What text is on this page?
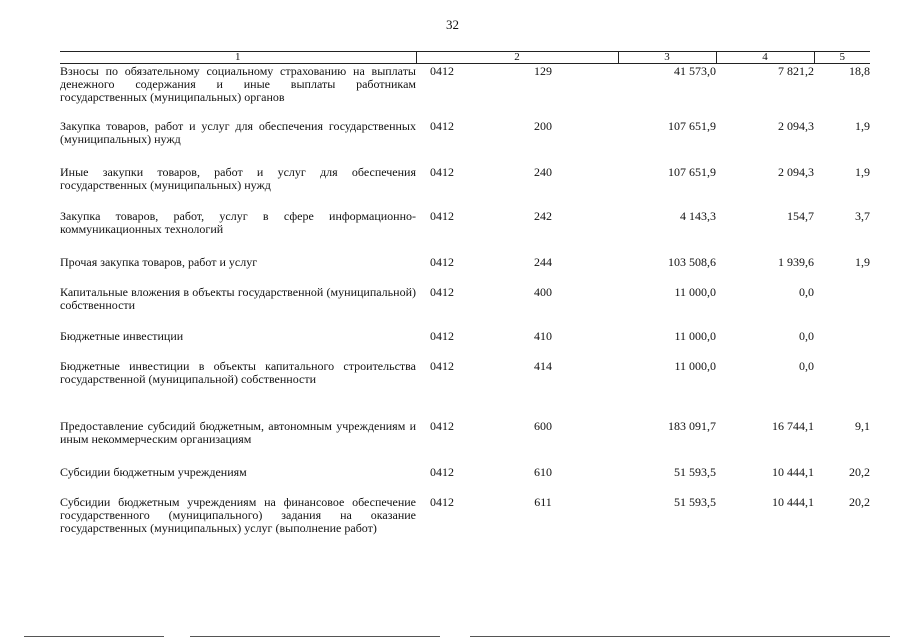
32
1	2		3	4	5
Взносы по обязательному социальному страхованию на выплаты денежного содержания и иные выплаты работникам государственных (муниципальных) органов	0412	129	41 573,0	7 821,2	18,8
Закупка товаров, работ и услуг для обеспечения государственных (муниципальных) нужд	0412	200	107 651,9	2 094,3	1,9
Иные закупки товаров, работ и услуг для обеспечения государственных (муниципальных) нужд	0412	240	107 651,9	2 094,3	1,9
Закупка товаров, работ, услуг в сфере информационно-коммуникационных технологий	0412	242	4 143,3	154,7	3,7
Прочая закупка товаров, работ и услуг	0412	244	103 508,6	1 939,6	1,9
Капитальные вложения в объекты государственной (муниципальной) собственности	0412	400	11 000,0	0,0	
Бюджетные инвестиции	0412	410	11 000,0	0,0	
Бюджетные инвестиции в объекты капитального строительства государственной (муниципальной) собственности	0412	414	11 000,0	0,0	
Предоставление субсидий бюджетным, автономным учреждениям и иным некоммерческим организациям	0412	600	183 091,7	16 744,1	9,1
Субсидии бюджетным учреждениям	0412	610	51 593,5	10 444,1	20,2
Субсидии бюджетным учреждениям на финансовое обеспечение государственного (муниципального) задания на оказание государственных (муниципальных) услуг (выполнение работ)	0412	611	51 593,5	10 444,1	20,2
